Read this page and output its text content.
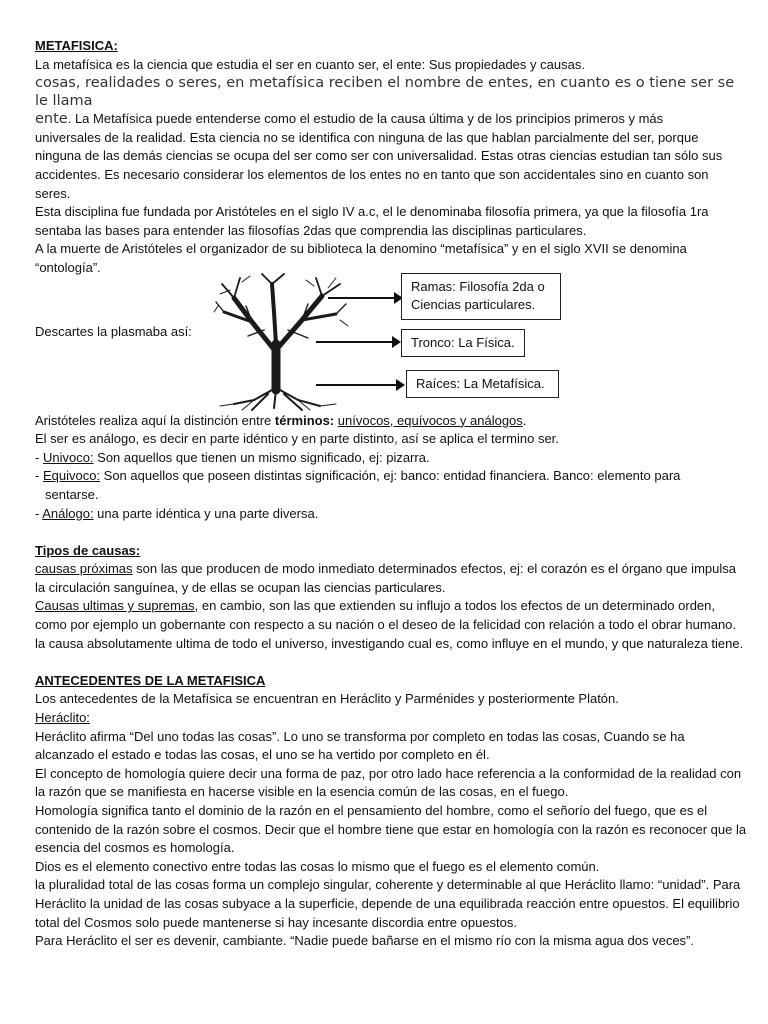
METAFISICA:

La metafísica es la ciencia que estudia el ser en cuanto ser, el ente: Sus propiedades y causas.

cosas, realidades o seres, en metafísica reciben el nombre de entes, en cuanto es o tiene ser se le llama

ente. La Metafísica puede entenderse como el estudio de la causa última y de los principios primeros y más

universales de la realidad. Esta ciencia no se identifica con ninguna de las que hablan parcialmente del ser, porque ninguna de las demás ciencias se ocupa del ser como ser con universalidad. Estas otras ciencias estudian tan sólo sus accidentes. Es necesario considerar los elementos de los entes no en tanto que son accidentales sino en cuanto son seres.

Esta disciplina fue fundada por Aristóteles en el siglo IV a.c, el le denominaba filosofía primera, ya que la filosofía 1ra sentaba las bases para entender las filosofías 2das que comprendia las disciplinas particulares.

A la muerte de Aristóteles el organizador de su biblioteca la denomino “metafísica” y en el siglo XVII se denomina “ontología”.

Descartes la plasmaba así:

Ramas: Filosofía 2da o

Ciencias particulares.

Tronco: La Física.

Raíces: La Metafísica.

Aristóteles realiza aquí la distinción entre términos: unívocos, equívocos y análogos.

El ser es análogo, es decir en parte idéntico y en parte distinto, así se aplica el termino ser.

- Univoco: Son aquellos que tienen un mismo significado, ej: pizarra.

- Equivoco: Son aquellos que poseen distintas significación, ej: banco: entidad financiera. Banco: elemento para

sentarse.

- Análogo: una parte idéntica y una parte diversa.

Tipos de causas:

causas próximas son las que producen de modo inmediato determinados efectos, ej: el corazón es el órgano que impulsa la circulación sanguínea, y de ellas se ocupan las ciencias particulares.

Causas ultimas y supremas, en cambio, son las que extienden su influjo a todos los efectos de un determinado orden, como por ejemplo un gobernante con respecto a su nación o el deseo de la felicidad con relación a todo el obrar humano.

la causa absolutamente ultima de todo el universo, investigando cual es, como influye en el mundo, y que naturaleza tiene.

ANTECEDENTES DE LA METAFISICA

Los antecedentes de la Metafísica se encuentran en Heráclito y Parménides y posteriormente Platón.

Heráclito:

Heráclito afirma “Del uno todas las cosas”. Lo uno se transforma por completo en todas las cosas, Cuando se ha alcanzado el estado e todas las cosas, el uno se ha vertido por completo en él.

El concepto de homología quiere decir una forma de paz, por otro lado hace referencia a la conformidad de la realidad con la razón que se manifiesta en hacerse visible en la esencia común de las cosas, en el fuego.

Homología significa tanto el dominio de la razón en el pensamiento del hombre, como el señorío del fuego, que es el contenido de la razón sobre el cosmos. Decir que el hombre tiene que estar en homología con la razón es reconocer que la esencia del cosmos es homología.

Dios es el elemento conectivo entre todas las cosas lo mismo que el fuego es el elemento común.

la pluralidad total de las cosas forma un complejo singular, coherente y determinable al que Heráclito llamo: “unidad”. Para Heráclito la unidad de las cosas subyace a la superficie, depende de una equilibrada reacción entre opuestos. El equilibrio total del Cosmos solo puede mantenerse si hay incesante discordia entre opuestos.

Para Heráclito el ser es devenir, cambiante. “Nadie puede bañarse en el mismo río con la misma agua dos veces”.
